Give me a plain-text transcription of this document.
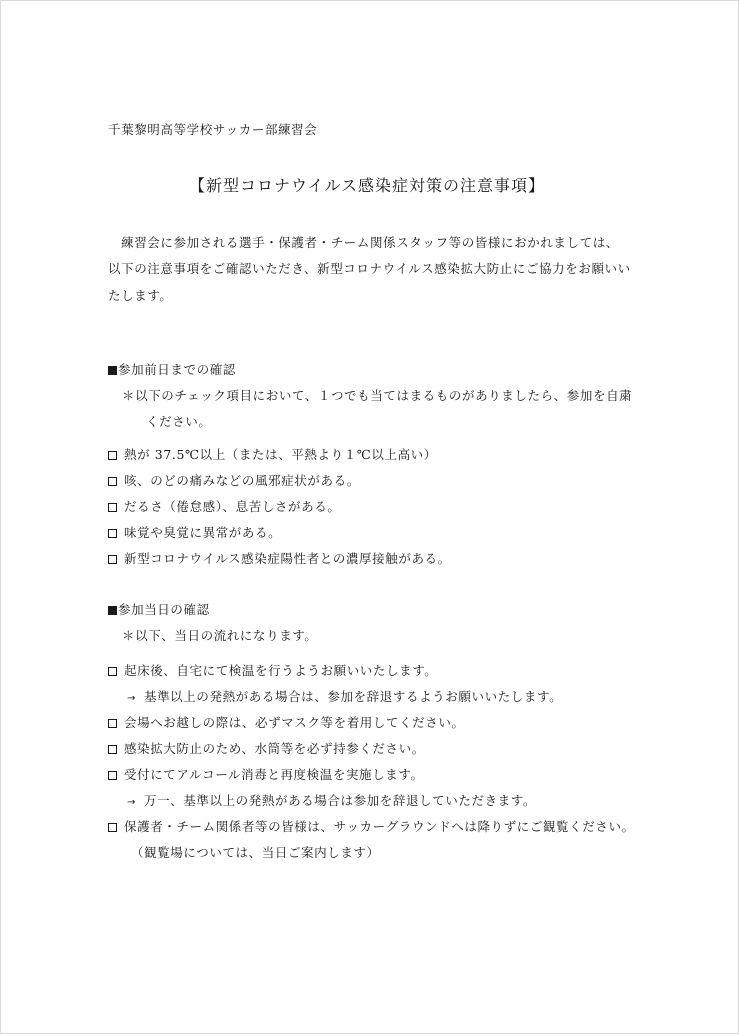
千葉黎明高等学校サッカー部練習会
【新型コロナウイルス感染症対策の注意事項】
　練習会に参加される選手・保護者・チーム関係スタッフ等の皆様におかれましては、
以下の注意事項をご確認いただき、新型コロナウイルス感染拡大防止にご協力をお願いい
たします。
参加前日までの確認
＊以下のチェック項目において、１つでも当てはまるものがありましたら、参加を自粛
ください。
熱が 37.5℃以上（または、平熱より１℃以上高い）
咳、のどの痛みなどの風邪症状がある。
だるさ（倦怠感）、息苦しさがある。
味覚や臭覚に異常がある。
新型コロナウイルス感染症陽性者との濃厚接触がある。
参加当日の確認
＊以下、当日の流れになります。
起床後、自宅にて検温を行うようお願いいたします。
→ 基準以上の発熱がある場合は、参加を辞退するようお願いいたします。
会場へお越しの際は、必ずマスク等を着用してください。
感染拡大防止のため、水筒等を必ず持参ください。
受付にてアルコール消毒と再度検温を実施します。
→ 万一、基準以上の発熱がある場合は参加を辞退していただきます。
保護者・チーム関係者等の皆様は、サッカーグラウンドへは降りずにご観覧ください。
（観覧場については、当日ご案内します）
